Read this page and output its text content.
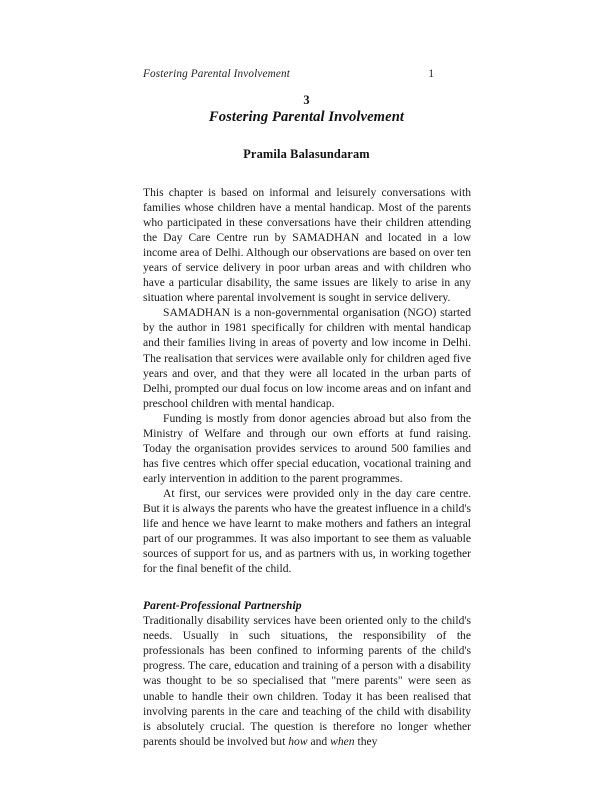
Fostering Parental Involvement	1
3
Fostering Parental Involvement
Pramila Balasundaram

This chapter is based on informal and leisurely conversations with families whose children have a mental handicap. Most of the parents who participated in these conversations have their children attending the Day Care Centre run by SAMADHAN and located in a low income area of Delhi. Although our observations are based on over ten years of service delivery in poor urban areas and with children who have a particular disability, the same issues are likely to arise in any situation where parental involvement is sought in service delivery.

SAMADHAN is a non-governmental organisation (NGO) started by the author in 1981 specifically for children with mental handicap and their families living in areas of poverty and low income in Delhi. The realisation that services were available only for children aged five years and over, and that they were all located in the urban parts of Delhi, prompted our dual focus on low income areas and on infant and preschool children with mental handicap.

Funding is mostly from donor agencies abroad but also from the Ministry of Welfare and through our own efforts at fund raising. Today the organisation provides services to around 500 families and has five centres which offer special education, vocational training and early intervention in addition to the parent programmes.

At first, our services were provided only in the day care centre. But it is always the parents who have the greatest influence in a child's life and hence we have learnt to make mothers and fathers an integral part of our programmes. It was also important to see them as valuable sources of support for us, and as partners with us, in working together for the final benefit of the child.

Parent-Professional Partnership

Traditionally disability services have been oriented only to the child's needs. Usually in such situations, the responsibility of the professionals has been confined to informing parents of the child's progress. The care, education and training of a person with a disability was thought to be so specialised that "mere parents" were seen as unable to handle their own children. Today it has been realised that involving parents in the care and teaching of the child with disability is absolutely crucial. The question is therefore no longer whether parents should be involved but how and when they
